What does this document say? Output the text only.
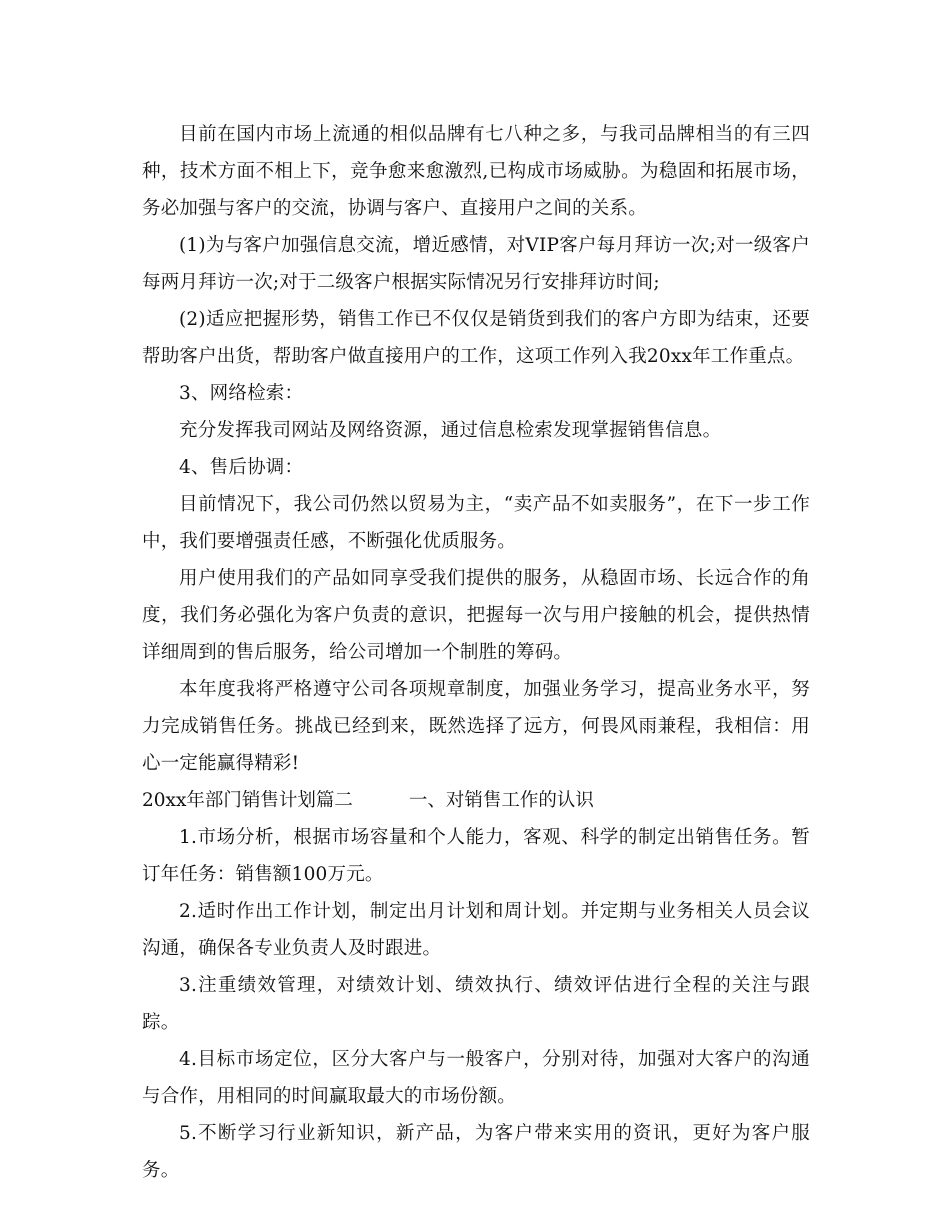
目前在国内市场上流通的相似品牌有七八种之多，与我司品牌相当的有三四种，技术方面不相上下，竞争愈来愈激烈,已构成市场威胁。为稳固和拓展市场，务必加强与客户的交流，协调与客户、直接用户之间的关系。

(1)为与客户加强信息交流，增近感情，对VIP客户每月拜访一次;对一级客户每两月拜访一次;对于二级客户根据实际情况另行安排拜访时间;

(2)适应把握形势，销售工作已不仅仅是销货到我们的客户方即为结束，还要帮助客户出货，帮助客户做直接用户的工作，这项工作列入我20xx年工作重点。

3、网络检索：

充分发挥我司网站及网络资源，通过信息检索发现掌握销售信息。

4、售后协调：

目前情况下，我公司仍然以贸易为主，“卖产品不如卖服务”，在下一步工作中，我们要增强责任感，不断强化优质服务。

用户使用我们的产品如同享受我们提供的服务，从稳固市场、长远合作的角度，我们务必强化为客户负责的意识，把握每一次与用户接触的机会，提供热情详细周到的售后服务，给公司增加一个制胜的筹码。

本年度我将严格遵守公司各项规章制度，加强业务学习，提高业务水平，努力完成销售任务。挑战已经到来，既然选择了远方，何畏风雨兼程，我相信：用心一定能赢得精彩!

20xx年部门销售计划篇二	一、对销售工作的认识

1.市场分析，根据市场容量和个人能力，客观、科学的制定出销售任务。暂订年任务：销售额100万元。

2.适时作出工作计划，制定出月计划和周计划。并定期与业务相关人员会议沟通，确保各专业负责人及时跟进。

3.注重绩效管理，对绩效计划、绩效执行、绩效评估进行全程的关注与跟踪。

4.目标市场定位，区分大客户与一般客户，分别对待，加强对大客户的沟通与合作，用相同的时间赢取最大的市场份额。

5.不断学习行业新知识，新产品，为客户带来实用的资讯，更好为客户服务。
